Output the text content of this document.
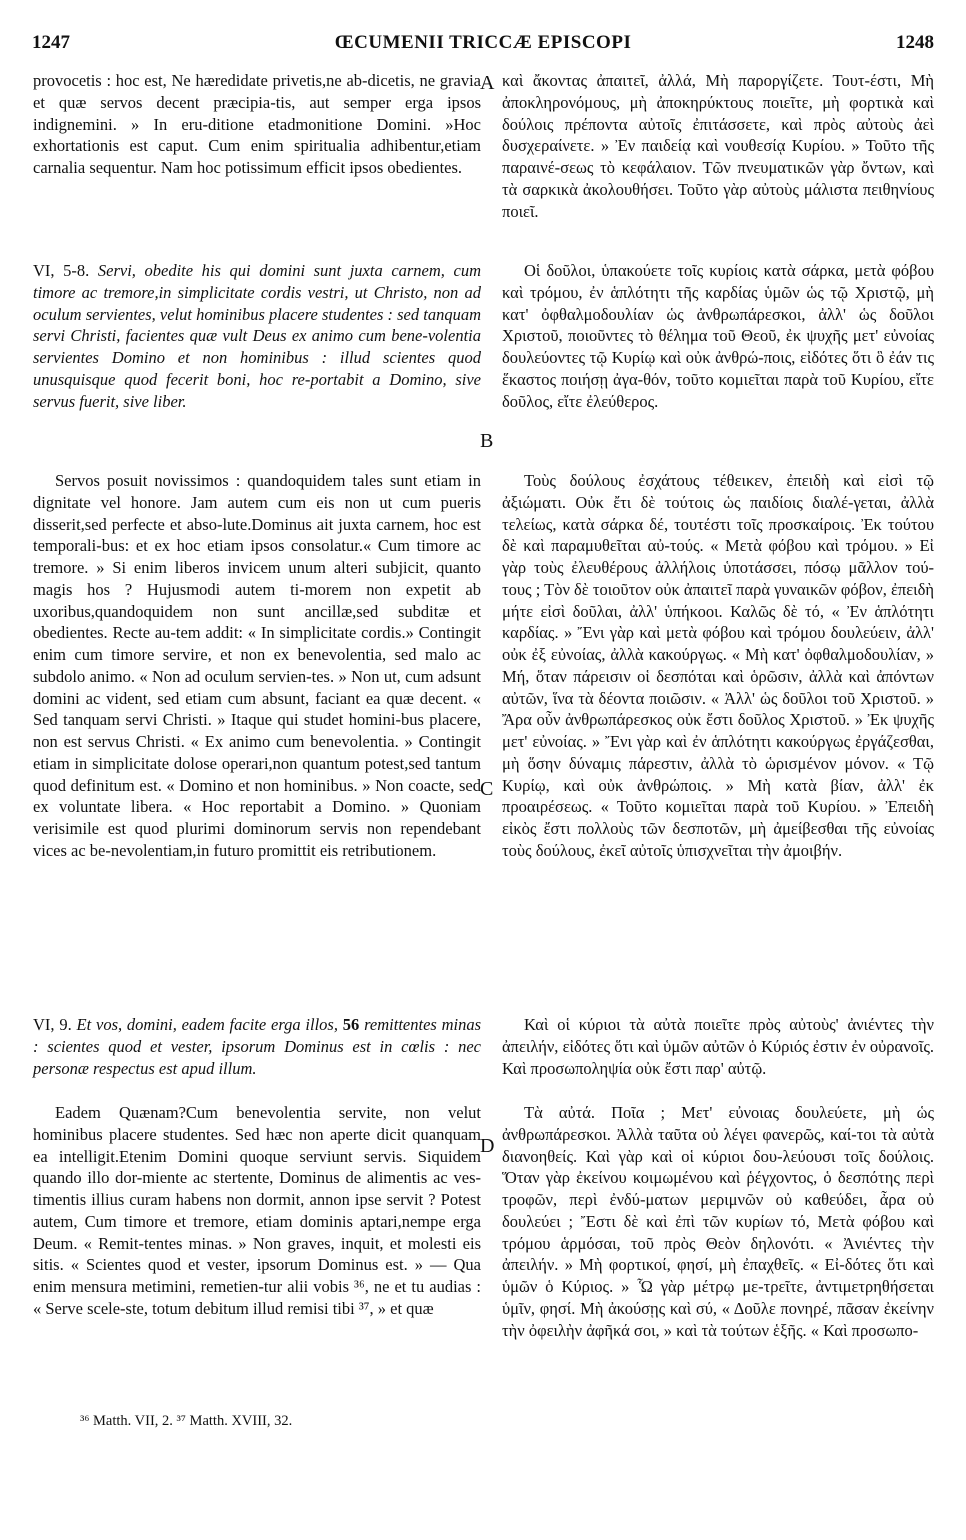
1247	ŒCUMENII TRICCÆ EPISCOPI	1248

provocetis : hoc est, Ne hæredidate privetis,ne ab-dicetis, ne gravia et quæ servos decent præcipia-tis, aut semper erga ipsos indignemini. » In eru-ditione etadmonitione Domini. »Hoc exhortationis est caput. Cum enim spiritualia adhibentur,etiam carnalia sequentur. Nam hoc potissimum efficit ipsos obedientes.

VI, 5-8. Servi, obedite his qui domini sunt juxta carnem, cum timore ac tremore,in simplicitate cordis vestri, ut Christo, non ad oculum servientes, velut hominibus placere studentes : sed tanquam servi Christi, facientes quæ vult Deus ex animo cum bene-volentia servientes Domino et non hominibus : illud scientes quod unusquisque quod fecerit boni, hoc re-portabit a Domino, sive servus fuerit, sive liber.

Servos posuit novissimos : quandoquidem tales sunt etiam in dignitate vel honore. Jam autem cum eis non ut cum pueris disserit,sed perfecte et abso-lute.Dominus ait juxta carnem, hoc est temporali-bus: et ex hoc etiam ipsos consolatur.« Cum timore ac tremore. » Si enim liberos invicem unum alteri subjicit, quanto magis hos ? Hujusmodi autem ti-morem non expetit ab uxoribus,quandoquidem non sunt ancillæ,sed subditæ et obedientes. Recte au-tem addit: « In simplicitate cordis.» Contingit enim cum timore servire, et non ex benevolentia, sed malo ac subdolo animo. « Non ad oculum servien-tes. » Non ut, cum adsunt domini ac vident, sed etiam cum absunt, faciant ea quæ decent. « Sed tanquam servi Christi. » Itaque qui studet homini-bus placere, non est servus Christi. « Ex animo cum benevolentia. » Contingit etiam in simplicitate dolose operari,non quantum potest,sed tantum quod definitum est. « Domino et non hominibus. » Non coacte, sed ex voluntate libera. « Hoc reportabit a Domino. » Quoniam verisimile est quod plurimi dominorum servis non rependebant vices ac be-nevolentiam,in futuro promittit eis retributionem.

VI, 9. Et vos, domini, eadem facite erga illos, 56 remittentes minas : scientes quod et vester, ipsorum Dominus est in cœlis : nec personæ respectus est apud illum.

Eadem Quænam?Cum benevolentia servite, non velut hominibus placere studentes. Sed hæc non aperte dicit quanquam ea intelligit.Etenim Domini quoque serviunt servis. Siquidem quando illo dor-miente ac stertente, Dominus de alimentis ac ves-timentis illius curam habens non dormit, annon ipse servit ? Potest autem, Cum timore et tremore, etiam dominis aptari,nempe erga Deum. « Remit-tentes minas. » Non graves, inquit, et molesti eis sitis. « Scientes quod et vester, ipsorum Dominus est. » — Qua enim mensura metimini, remetien-tur alii vobis ³⁶, ne et tu audias : « Serve scele-ste, totum debitum illud remisi tibi ³⁷, » et quæ

καὶ ἄκοντας ἀπαιτεῖ, ἀλλά, Μὴ παροργίζετε. Τουτ-έστι, Μὴ ἀποκληρονόμους, μὴ ἀποκηρύκτους ποιεῖτε, μὴ φορτικὰ καὶ δούλοις πρέποντα αὐτοῖς ἐπιτάσσετε, καὶ πρὸς αὐτοὺς ἀεὶ δυσχεραίνετε. » Ἐν παιδείᾳ καὶ νουθεσίᾳ Κυρίου. » Τοῦτο τῆς παραινέ-σεως τὸ κεφάλαιον. Τῶν πνευματικῶν γὰρ ὄντων, καὶ τὰ σαρκικὰ ἀκολουθήσει. Τοῦτο γὰρ αὐτοὺς μάλιστα πειθηνίους ποιεῖ.

Οἱ δοῦλοι, ὑπακούετε τοῖς κυρίοις κατὰ σάρκα, μετὰ φόβου καὶ τρόμου, ἐν ἁπλότητι τῆς καρδίας ὑμῶν ὡς τῷ Χριστῷ, μὴ κατ' ὀφθαλμοδουλίαν ὡς ἀνθρωπάρεσκοι, ἀλλ' ὡς δοῦλοι Χριστοῦ, ποιοῦντες τὸ θέλημα τοῦ Θεοῦ, ἐκ ψυχῆς μετ' εὐνοίας δουλεύοντες τῷ Κυρίῳ καὶ οὐκ ἀνθρώ-ποις, εἰδότες ὅτι ὃ ἐάν τις ἕκαστος ποιήσῃ ἀγα-θόν, τοῦτο κομιεῖται παρὰ τοῦ Κυρίου, εἴτε δοῦλος, εἴτε ἐλεύθερος.

Τοὺς δούλους ἐσχάτους τέθεικεν, ἐπειδὴ καὶ εἰσὶ τῷ ἀξιώματι. Οὐκ ἔτι δὲ τούτοις ὡς παιδίοις διαλέ-γεται, ἀλλὰ τελείως, κατὰ σάρκα δέ, τουτέστι τοῖς προσκαίροις. Ἐκ τούτου δὲ καὶ παραμυθεῖται αὐ-τούς. « Μετὰ φόβου καὶ τρόμου. » Εἰ γὰρ τοὺς ἐλευθέρους ἀλλήλοις ὑποτάσσει, πόσῳ μᾶλλον τού-τους ; Τὸν δὲ τοιοῦτον οὐκ ἀπαιτεῖ παρὰ γυναικῶν φόβον, ἐπειδὴ μήτε εἰσὶ δοῦλαι, ἀλλ' ὑπήκοοι. Καλῶς δὲ τό, « Ἐν ἁπλότητι καρδίας. » Ἔνι γὰρ καὶ μετὰ φόβου καὶ τρόμου δουλεύειν, ἀλλ' οὐκ ἐξ εὐνοίας, ἀλλὰ κακούργως. « Μὴ κατ' ὀφθαλμοδουλίαν, » Μή, ὅταν πάρεισιν οἱ δεσπόται καὶ ὁρῶσιν, ἀλλὰ καὶ ἀπόντων αὐτῶν, ἵνα τὰ δέοντα ποιῶσιν. « Ἀλλ' ὡς δοῦλοι τοῦ Χριστοῦ. » Ἄρα οὖν ἀνθρωπάρεσκος οὐκ ἔστι δοῦλος Χριστοῦ. » Ἐκ ψυχῆς μετ' εὐνοίας. » Ἔνι γὰρ καὶ ἐν ἁπλότητι κακούργως ἐργάζεσθαι, μὴ ὅσην δύναμις πάρεστιν, ἀλλὰ τὸ ὡρισμένον μόνον. « Τῷ Κυρίῳ, καὶ οὐκ ἀνθρώποις. » Μὴ κατὰ βίαν, ἀλλ' ἐκ προαιρέσεως. « Τοῦτο κομιεῖται παρὰ τοῦ Κυρίου. » Ἐπειδὴ εἰκὸς ἔστι πολλοὺς τῶν δεσποτῶν, μὴ ἀμείβεσθαι τῆς εὐνοίας τοὺς δούλους, ἐκεῖ αὐτοῖς ὑπισχνεῖται τὴν ἀμοιβήν.

Καὶ οἱ κύριοι τὰ αὐτὰ ποιεῖτε πρὸς αὐτοὺς' ἀνιέντες τὴν ἀπειλήν, εἰδότες ὅτι καὶ ὑμῶν αὐτῶν ὁ Κύριός ἐστιν ἐν οὐρανοῖς. Καὶ προσωποληψία οὐκ ἔστι παρ' αὐτῷ.

Τὰ αὐτά. Ποῖα ; Μετ' εὐνοιας δουλεύετε, μὴ ὡς ἀνθρωπάρεσκοι. Ἀλλὰ ταῦτα οὐ λέγει φανερῶς, καί-τοι τὰ αὐτὰ διανοηθείς. Καὶ γὰρ καὶ οἱ κύριοι δου-λεύουσι τοῖς δούλοις. Ὅταν γὰρ ἐκείνου κοιμωμένου καὶ ῥέγχοντος, ὁ δεσπότης περὶ τροφῶν, περὶ ἐνδύ-ματων μεριμνῶν οὐ καθεύδει, ἆρα οὐ δουλεύει ; Ἔστι δὲ καὶ ἐπὶ τῶν κυρίων τό, Μετὰ φόβου καὶ τρόμου ἁρμόσαι, τοῦ πρὸς Θεὸν δηλονότι. « Ἀνιέντες τὴν ἀπειλήν. » Μὴ φορτικοί, φησί, μὴ ἐπαχθεῖς. « Εἰ-δότες ὅτι καὶ ὑμῶν ὁ Κύριος. » Ὧ γὰρ μέτρῳ με-τρεῖτε, ἀντιμετρηθήσεται ὑμῖν, φησί. Μὴ ἀκούσῃς καὶ σύ, « Δοῦλε πονηρέ, πᾶσαν ἐκείνην τὴν ὀφειλὴν ἀφῆκά σοι, » καὶ τὰ τούτων ἑξῆς. « Καὶ προσωπο-

A
B
C
D
³⁶ Matth. VII, 2. ³⁷ Matth. XVIII, 32.
